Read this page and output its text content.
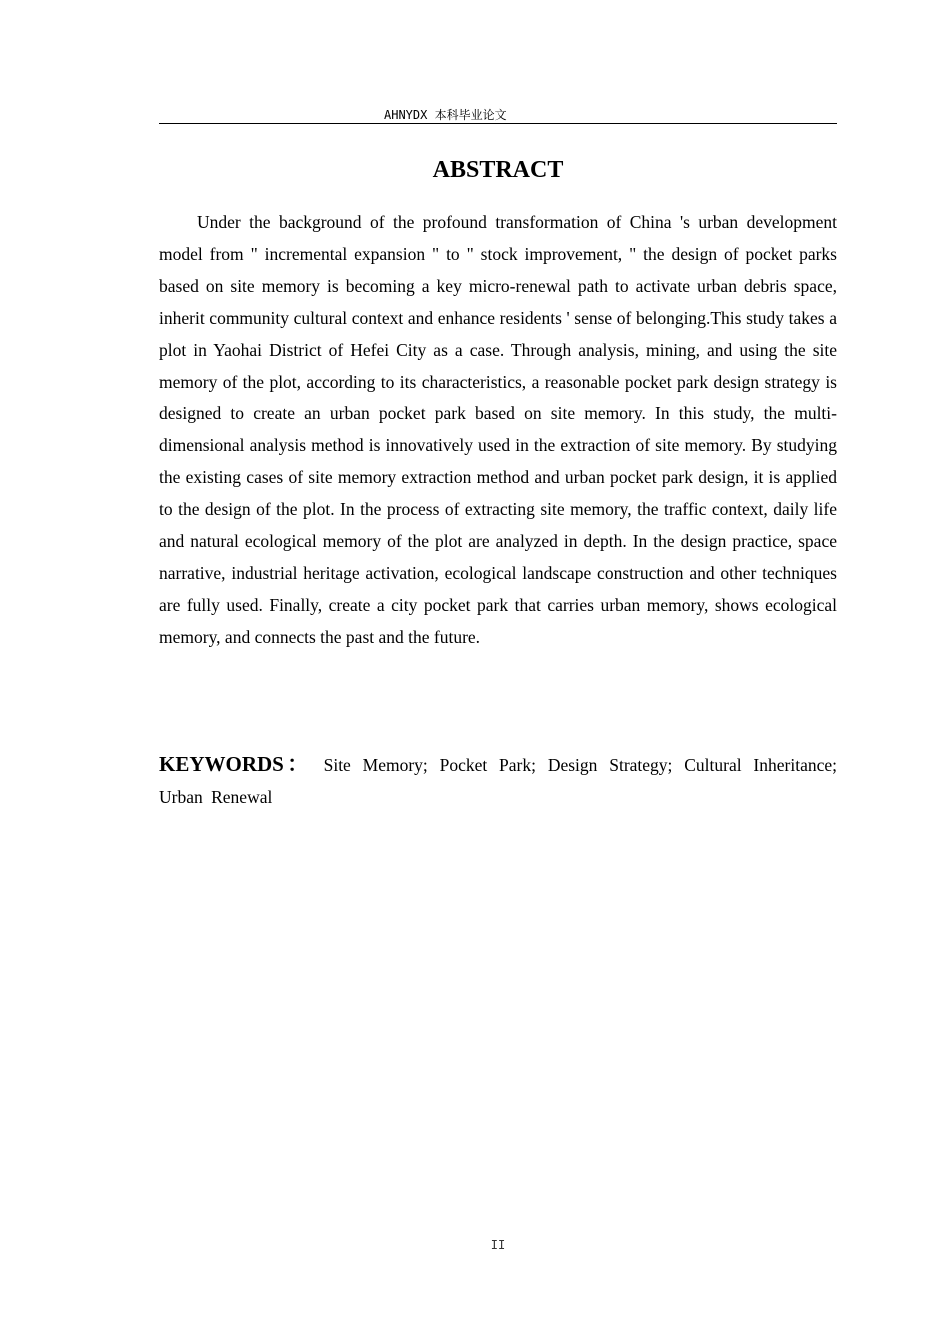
AHNYDX 本科毕业论文
ABSTRACT

Under the background of the profound transformation of China 's urban development model from " incremental expansion " to " stock improvement, " the design of pocket parks based on site memory is becoming a key micro-renewal path to activate urban debris space, inherit community cultural context and enhance residents ' sense of belonging.This study takes a plot in Yaohai District of Hefei City as a case. Through analysis, mining, and using the site memory of the plot, according to its characteristics, a reasonable pocket park design strategy is designed to create an urban pocket park based on site memory. In this study, the multi-dimensional analysis method is innovatively used in the extraction of site memory. By studying the existing cases of site memory extraction method and urban pocket park design, it is applied to the design of the plot. In the process of extracting site memory, the traffic context, daily life and natural ecological memory of the plot are analyzed in depth. In the design practice, space narrative, industrial heritage activation, ecological landscape construction and other techniques are fully used. Finally, create a city pocket park that carries urban memory, shows ecological memory, and connects the past and the future.

KEYWORDS： Site Memory; Pocket Park; Design Strategy; Cultural Inheritance; Urban Renewal

II
